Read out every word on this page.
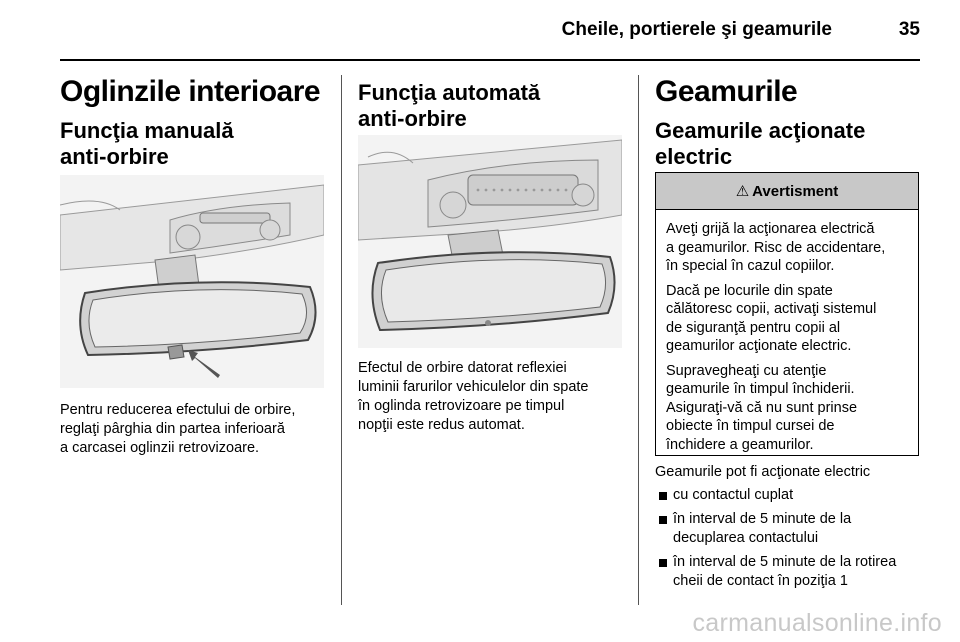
Cheile, portierele şi geamurile	35
Oglinzile interioare
Funcţia manuală
anti-orbire
Pentru reducerea efectului de orbire,
reglaţi pârghia din partea inferioară
a carcasei oglinzii retrovizoare.
Funcţia automată
anti-orbire
Efectul de orbire datorat reflexiei
luminii farurilor vehiculelor din spate
în oglinda retrovizoare pe timpul
nopţii este redus automat.
Geamurile
Geamurile acţionate
electric
⚠ Avertisment

Aveţi grijă la acţionarea electrică
a geamurilor. Risc de accidentare,
în special în cazul copiilor.

Dacă pe locurile din spate
călătoresc copii, activaţi sistemul
de siguranţă pentru copii al
geamurilor acţionate electric.

Supravegheaţi cu atenţie
geamurile în timpul închiderii.
Asiguraţi-vă că nu sunt prinse
obiecte în timpul cursei de
închidere a geamurilor.

Geamurile pot fi acţionate electric
cu contactul cuplat
în interval de 5 minute de la
decuplarea contactului
în interval de 5 minute de la rotirea
cheii de contact în poziţia 1
carmanualsonline.info
